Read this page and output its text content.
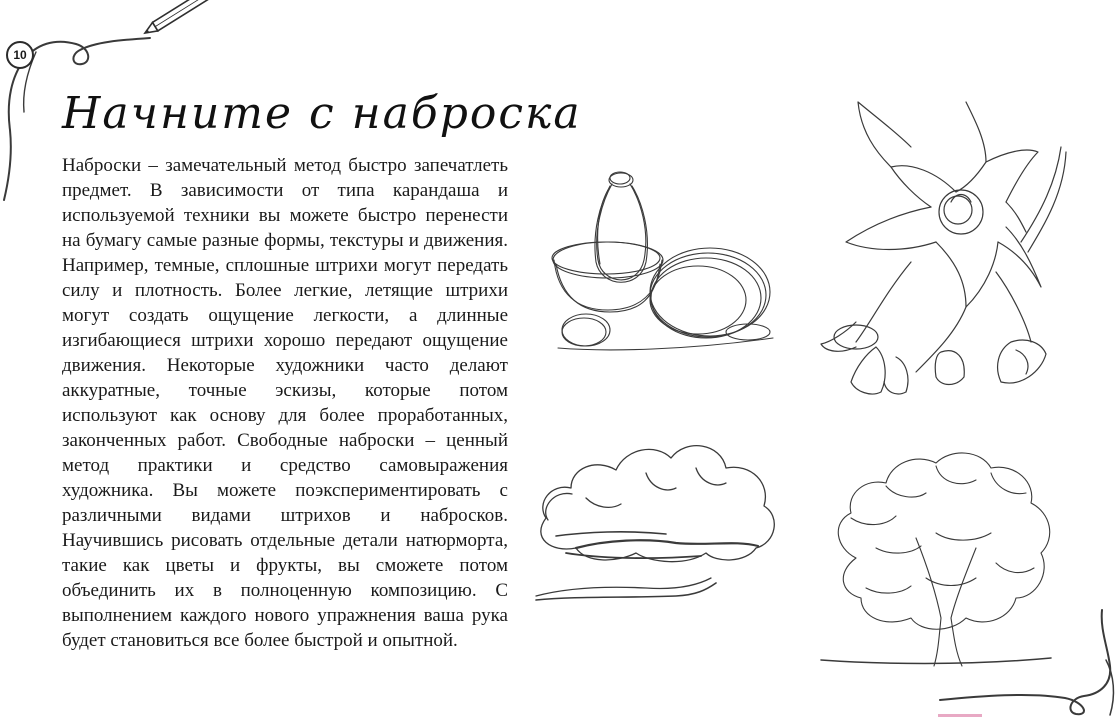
10
Начните с наброска

Наброски – замечательный метод быстро запечатлеть предмет. В зависимости от типа карандаша и используемой техники вы можете быстро перенести на бумагу самые разные формы, текстуры и движения. Например, темные, сплошные штрихи могут передать силу и плотность. Более легкие, летящие штрихи могут создать ощущение легкости, а длинные изгибающиеся штрихи хорошо передают ощущение движения. Некоторые художники часто делают аккуратные, точные эскизы, которые потом используют как основу для более проработанных, законченных работ. Свободные наброски – ценный метод практики и средство самовыражения художника. Вы можете поэкспериментировать с различными видами штрихов и набросков. Научившись рисовать отдельные детали натюрморта, такие как цветы и фрукты, вы сможете потом объединить их в полноценную композицию. С выполнением каждого нового упражнения ваша рука будет становиться все более быстрой и опытной.
